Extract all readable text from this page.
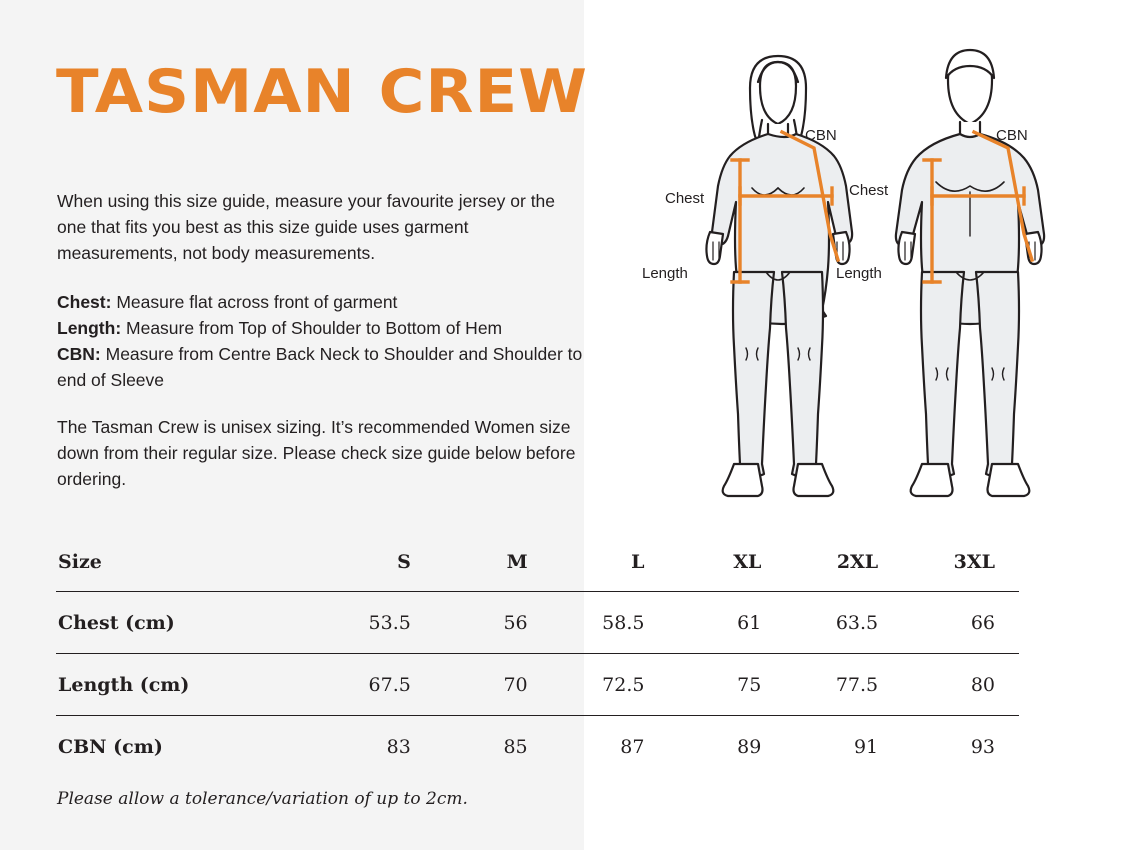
TASMAN CREW
When using this size guide, measure your favourite jersey or the one that fits you best as this size guide uses garment measurements, not body measurements.
Chest: Measure flat across front of garment
Length: Measure from Top of Shoulder to Bottom of Hem
CBN: Measure from Centre Back Neck to Shoulder and Shoulder to end of Sleeve
The Tasman Crew is unisex sizing. It’s recommended Women size down from their regular size. Please check size guide below before ordering.
CBN
Chest
Length
CBN
Chest
Length
Size	S	M	L	XL	2XL	3XL
Chest (cm)	53.5	56	58.5	61	63.5	66
Length (cm)	67.5	70	72.5	75	77.5	80
CBN (cm)	83	85	87	89	91	93
Please allow a tolerance/variation of up to 2cm.
